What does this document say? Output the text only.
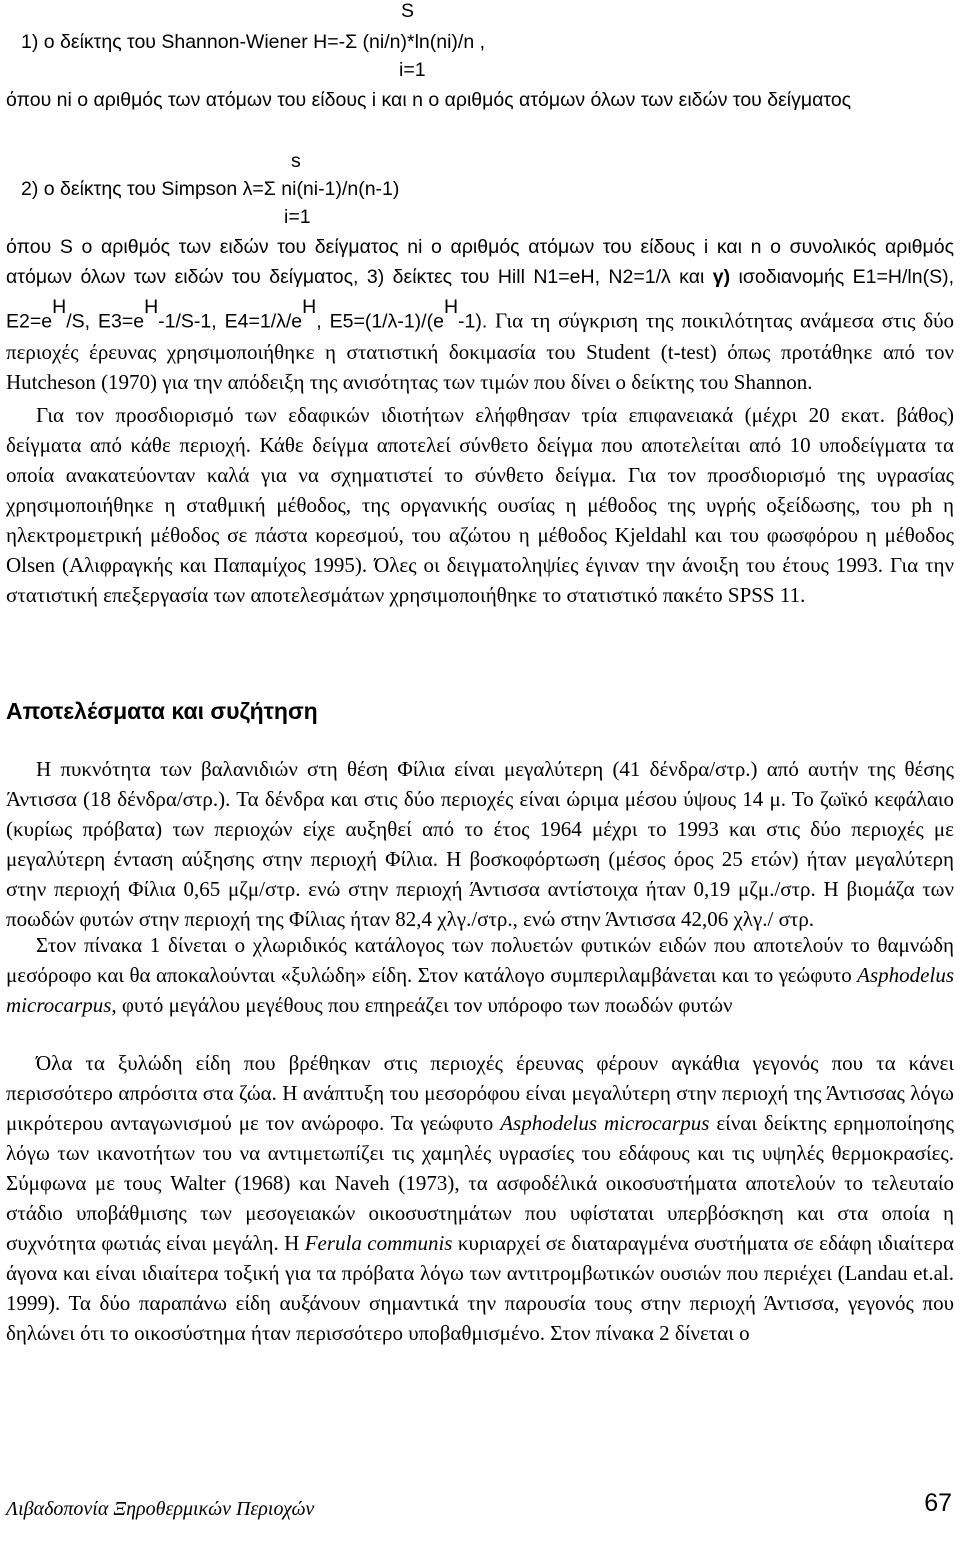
S
1) ο δείκτης του Shannon-Wiener H=-Σ (ni/n)*ln(ni)/n ,
i=1
όπου ni ο αριθμός των ατόμων του είδους i και n ο αριθμός ατόμων όλων των ειδών του δείγματος
s
2) ο δείκτης του Simpson λ=Σ ni(ni-1)/n(n-1)
i=1
όπου S ο αριθμός των ειδών του δείγματος ni ο αριθμός ατόμων του είδους i και n ο συνολικός αριθμός ατόμων όλων των ειδών του δείγματος, 3) δείκτες του Hill N1=eH, N2=1/λ και γ) ισοδιανομής E1=H/ln(S), $E2=e^H/S$, $E3=e^H-1/S-1$, $E4=1/\lambda/e^H$, $E5=(1/\lambda-1)/(e^H-1)$. Για τη σύγκριση της ποικιλότητας ανάμεσα στις δύο περιοχές έρευνας χρησιμοποιήθηκε η στατιστική δοκιμασία του Student (t-test) όπως προτάθηκε από τον Hutcheson (1970) για την απόδειξη της ανισότητας των τιμών που δίνει ο δείκτης του Shannon.
Για τον προσδιορισμό των εδαφικών ιδιοτήτων ελήφθησαν τρία επιφανειακά (μέχρι 20 εκατ. βάθος) δείγματα από κάθε περιοχή. Κάθε δείγμα αποτελεί σύνθετο δείγμα που αποτελείται από 10 υποδείγματα τα οποία ανακατεύονταν καλά για να σχηματιστεί το σύνθετο δείγμα. Για τον προσδιορισμό της υγρασίας χρησιμοποιήθηκε η σταθμική μέθοδος, της οργανικής ουσίας η μέθοδος της υγρής οξείδωσης, του ph η ηλεκτρομετρική μέθοδος σε πάστα κορεσμού, του αζώτου η μέθοδος Kjeldahl και του φωσφόρου η μέθοδος Olsen (Αλιφραγκής και Παπαμίχος 1995). Όλες οι δειγματοληψίες έγιναν την άνοιξη του έτους 1993. Για την στατιστική επεξεργασία των αποτελεσμάτων χρησιμοποιήθηκε το στατιστικό πακέτο SPSS 11.
Αποτελέσματα και συζήτηση
Η πυκνότητα των βαλανιδιών στη θέση Φίλια είναι μεγαλύτερη (41 δένδρα/στρ.) από αυτήν της θέσης Άντισσα (18 δένδρα/στρ.). Τα δένδρα και στις δύο περιοχές είναι ώριμα μέσου ύψους 14 μ. Το ζωϊκό κεφάλαιο (κυρίως πρόβατα) των περιοχών είχε αυξηθεί από το έτος 1964 μέχρι το 1993 και στις δύο περιοχές με μεγαλύτερη ένταση αύξησης στην περιοχή Φίλια. Η βοσκοφόρτωση (μέσος όρος 25 ετών) ήταν μεγαλύτερη στην περιοχή Φίλια 0,65 μζμ/στρ. ενώ στην περιοχή Άντισσα αντίστοιχα ήταν 0,19 μζμ./στρ. Η βιομάζα των ποωδών φυτών στην περιοχή της Φίλιας ήταν 82,4 χλγ./στρ., ενώ στην Άντισσα 42,06 χλγ./ στρ.
Στον πίνακα 1 δίνεται ο χλωριδικός κατάλογος των πολυετών φυτικών ειδών που αποτελούν το θαμνώδη μεσόροφο και θα αποκαλούνται «ξυλώδη» είδη. Στον κατάλογο συμπεριλαμβάνεται και το γεώφυτο Asphodelus microcarpus, φυτό μεγάλου μεγέθους που επηρεάζει τον υπόροφο των ποωδών φυτών
Όλα τα ξυλώδη είδη που βρέθηκαν στις περιοχές έρευνας φέρουν αγκάθια γεγονός που τα κάνει περισσότερο απρόσιτα στα ζώα. Η ανάπτυξη του μεσορόφου είναι μεγαλύτερη στην περιοχή της Άντισσας λόγω μικρότερου ανταγωνισμού με τον ανώροφο. Τα γεώφυτο Asphodelus microcarpus είναι δείκτης ερημοποίησης λόγω των ικανοτήτων του να αντιμετωπίζει τις χαμηλές υγρασίες του εδάφους και τις υψηλές θερμοκρασίες. Σύμφωνα με τους Walter (1968) και Naveh (1973), τα ασφοδέλικά οικοσυστήματα αποτελούν το τελευταίο στάδιο υποβάθμισης των μεσογειακών οικοσυστημάτων που υφίσταται υπερβόσκηση και στα οποία η συχνότητα φωτιάς είναι μεγάλη. Η Ferula communis κυριαρχεί σε διαταραγμένα συστήματα σε εδάφη ιδιαίτερα άγονα και είναι ιδιαίτερα τοξική για τα πρόβατα λόγω των αντιτρομβωτικών ουσιών που περιέχει (Landau et.al. 1999). Τα δύο παραπάνω είδη αυξάνουν σημαντικά την παρουσία τους στην περιοχή Άντισσα, γεγονός που δηλώνει ότι το οικοσύστημα ήταν περισσότερο υποβαθμισμένο. Στον πίνακα 2 δίνεται ο
Λιβαδοπονία Ξηροθερμικών Περιοχών	67
